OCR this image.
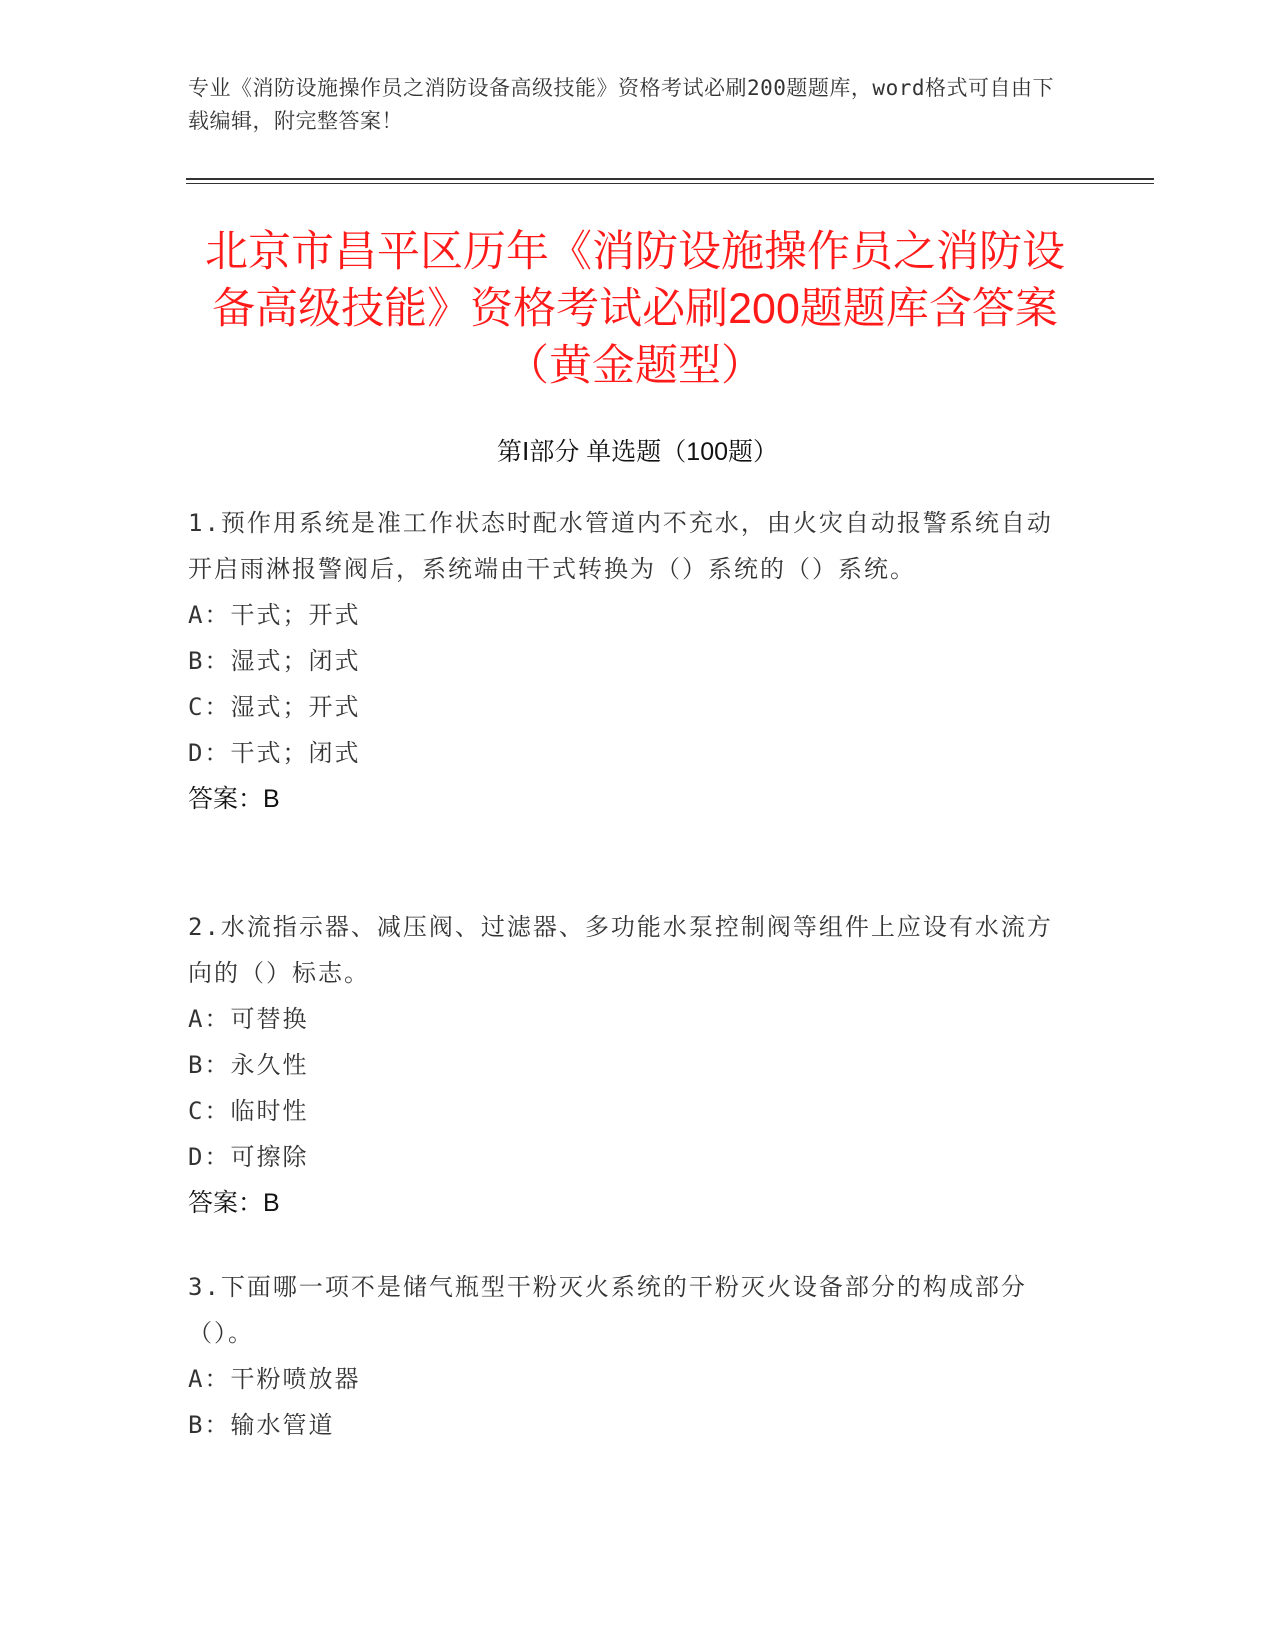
专业《消防设施操作员之消防设备高级技能》资格考试必刷200题题库，word格式可自由下载编辑，附完整答案！
北京市昌平区历年《消防设施操作员之消防设备高级技能》资格考试必刷200题题库含答案（黄金题型）
第Ⅰ部分 单选题（100题）
1.预作用系统是准工作状态时配水管道内不充水，由火灾自动报警系统自动开启雨淋报警阀后，系统端由干式转换为（）系统的（）系统。
A：干式；开式
B：湿式；闭式
C：湿式；开式
D：干式；闭式
答案：B
2.水流指示器、减压阀、过滤器、多功能水泵控制阀等组件上应设有水流方向的（）标志。
A：可替换
B：永久性
C：临时性
D：可擦除
答案：B
3.下面哪一项不是储气瓶型干粉灭火系统的干粉灭火设备部分的构成部分（）。
A：干粉喷放器
B：输水管道
